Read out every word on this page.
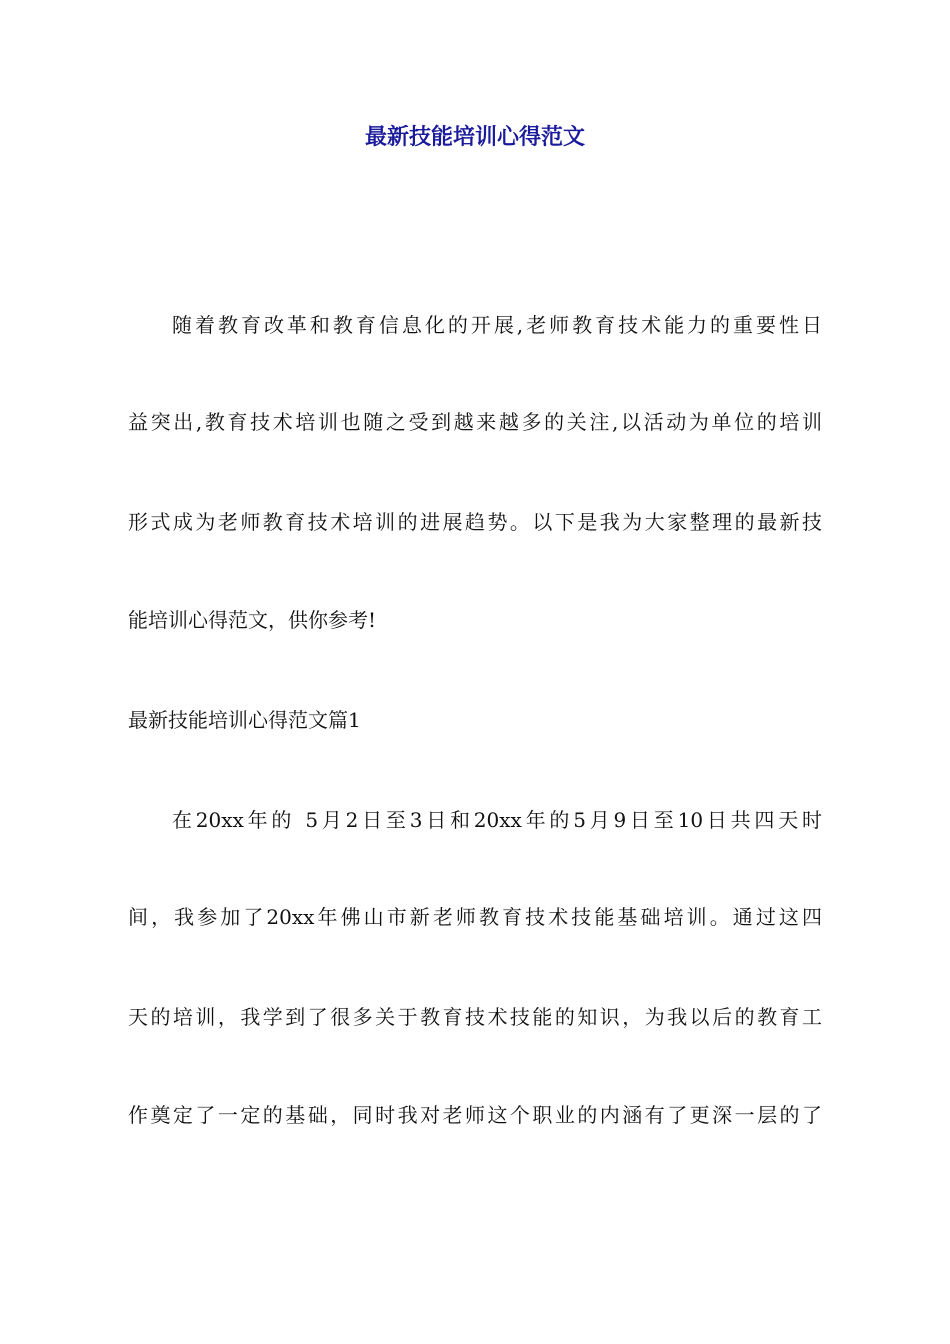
最新技能培训心得范文

随着教育改革和教育信息化的开展,老师教育技术能力的重要性日

益突出,教育技术培训也随之受到越来越多的关注,以活动为单位的培训

形式成为老师教育技术培训的进展趋势。以下是我为大家整理的最新技

能培训心得范文，供你参考!

最新技能培训心得范文篇1

在20xx年的 5月2日至3日和20xx年的5月9日至10日共四天时

间，我参加了20xx年佛山市新老师教育技术技能基础培训。通过这四

天的培训，我学到了很多关于教育技术技能的知识，为我以后的教育工

作奠定了一定的基础，同时我对老师这个职业的内涵有了更深一层的了
